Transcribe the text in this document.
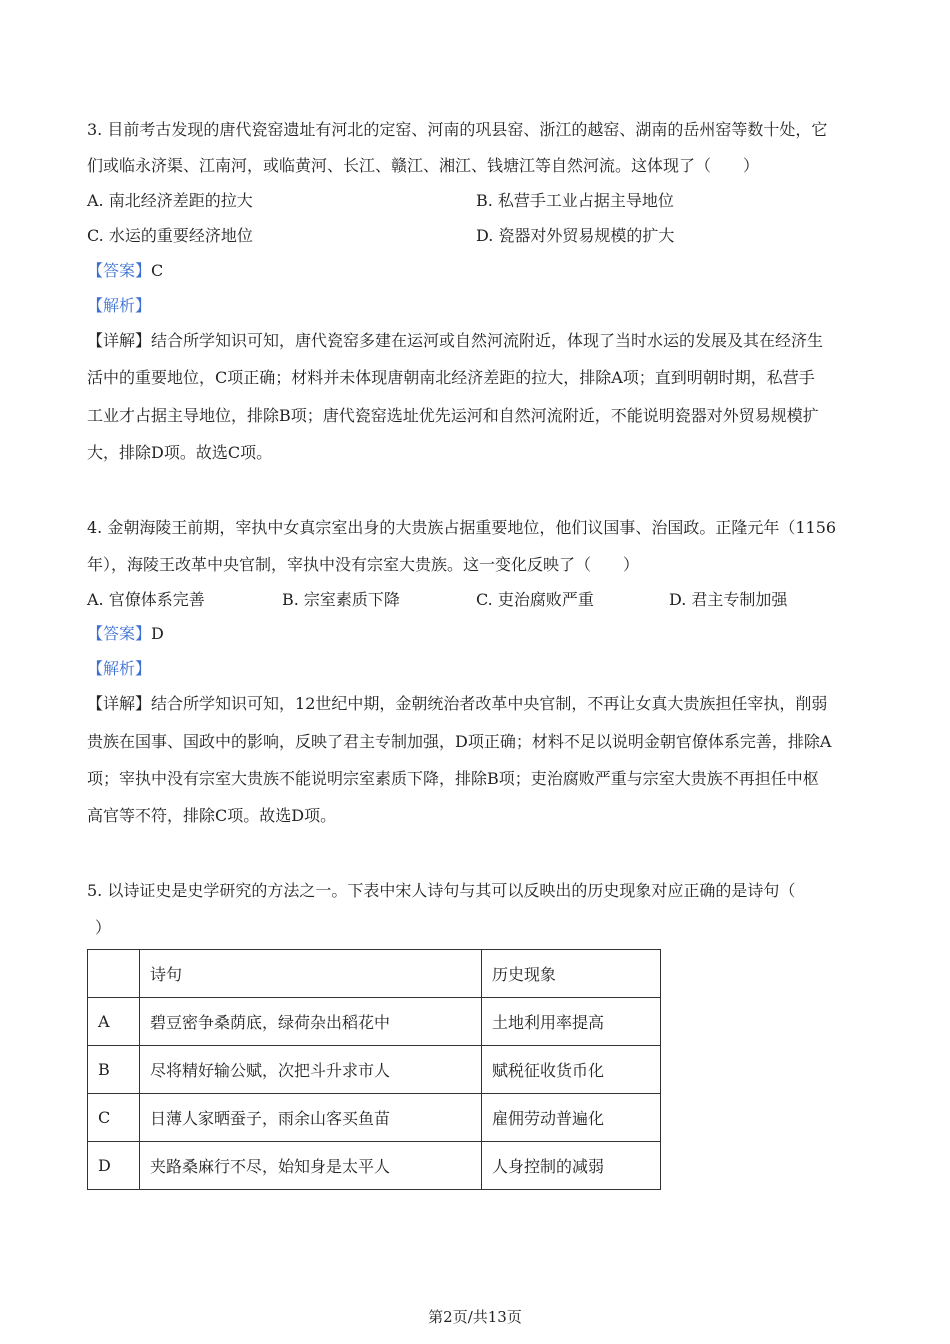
3. 目前考古发现的唐代瓷窑遗址有河北的定窑、河南的巩县窑、浙江的越窑、湖南的岳州窑等数十处，它
们或临永济渠、江南河，或临黄河、长江、赣江、湘江、钱塘江等自然河流。这体现了（　　）
A. 南北经济差距的拉大	B. 私营手工业占据主导地位
C. 水运的重要经济地位	D. 瓷器对外贸易规模的扩大
【答案】C
【解析】
【详解】结合所学知识可知，唐代瓷窑多建在运河或自然河流附近，体现了当时水运的发展及其在经济生
活中的重要地位，C项正确；材料并未体现唐朝南北经济差距的拉大，排除A项；直到明朝时期，私营手
工业才占据主导地位，排除B项；唐代瓷窑选址优先运河和自然河流附近，不能说明瓷器对外贸易规模扩
大，排除D项。故选C项。
4. 金朝海陵王前期，宰执中女真宗室出身的大贵族占据重要地位，他们议国事、治国政。正隆元年（1156
年），海陵王改革中央官制，宰执中没有宗室大贵族。这一变化反映了（　　）
A. 官僚体系完善	B. 宗室素质下降	C. 吏治腐败严重	D. 君主专制加强
【答案】D
【解析】
【详解】结合所学知识可知，12世纪中期，金朝统治者改革中央官制，不再让女真大贵族担任宰执，削弱
贵族在国事、国政中的影响，反映了君主专制加强，D项正确；材料不足以说明金朝官僚体系完善，排除A
项；宰执中没有宗室大贵族不能说明宗室素质下降，排除B项；吏治腐败严重与宗室大贵族不再担任中枢
高官等不符，排除C项。故选D项。
5. 以诗证史是史学研究的方法之一。下表中宋人诗句与其可以反映出的历史现象对应正确的是诗句（
）
	诗句	历史现象
A	碧豆密争桑荫底，绿荷杂出稻花中	土地利用率提高
B	尽将精好输公赋，次把斗升求市人	赋税征收货币化
C	日薄人家晒蚕子，雨余山客买鱼苗	雇佣劳动普遍化
D	夹路桑麻行不尽，始知身是太平人	人身控制的减弱
第2页/共13页
